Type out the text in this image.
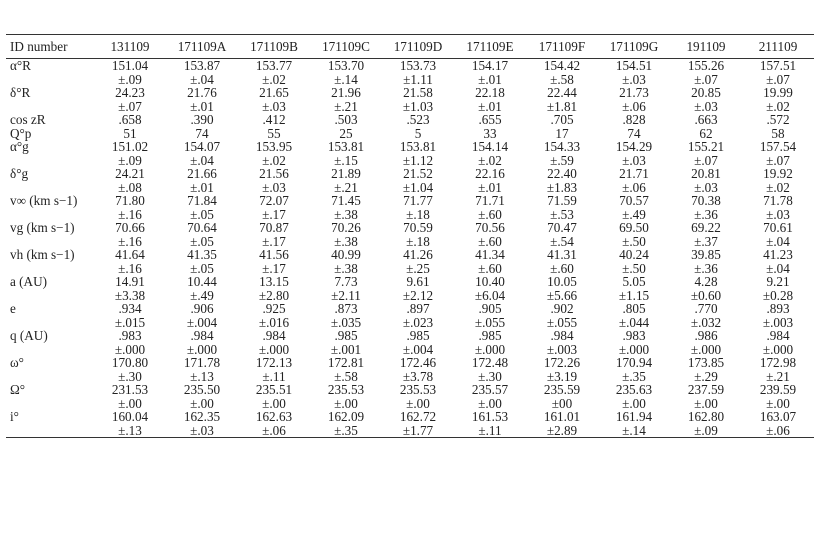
ID number	131109	171109A	171109B	171109C	171109D	171109E	171109F	171109G	191109	211109
α°R	151.04	153.87	153.77	153.70	153.73	154.17	154.42	154.51	155.26	157.51
	±.09	±.04	±.02	±.14	±1.11	±.01	±.58	±.03	±.07	±.07
δ°R	24.23	21.76	21.65	21.96	21.58	22.18	22.44	21.73	20.85	19.99
	±.07	±.01	±.03	±.21	±1.03	±.01	±1.81	±.06	±.03	±.02
cos zR	.658	.390	.412	.503	.523	.655	.705	.828	.663	.572
Q°p	51	74	55	25	5	33	17	74	62	58
α°g	151.02	154.07	153.95	153.81	153.81	154.14	154.33	154.29	155.21	157.54
	±.09	±.04	±.02	±.15	±1.12	±.02	±.59	±.03	±.07	±.07
δ°g	24.21	21.66	21.56	21.89	21.52	22.16	22.40	21.71	20.81	19.92
	±.08	±.01	±.03	±.21	±1.04	±.01	±1.83	±.06	±.03	±.02
v∞ (km s−1)	71.80	71.84	72.07	71.45	71.77	71.71	71.59	70.57	70.38	71.78
	±.16	±.05	±.17	±.38	±.18	±.60	±.53	±.49	±.36	±.03
vg (km s−1)	70.66	70.64	70.87	70.26	70.59	70.56	70.47	69.50	69.22	70.61
	±.16	±.05	±.17	±.38	±.18	±.60	±.54	±.50	±.37	±.04
vh (km s−1)	41.64	41.35	41.56	40.99	41.26	41.34	41.31	40.24	39.85	41.23
	±.16	±.05	±.17	±.38	±.25	±.60	±.60	±.50	±.36	±.04
a (AU)	14.91	10.44	13.15	7.73	9.61	10.40	10.05	5.05	4.28	9.21
	±3.38	±.49	±2.80	±2.11	±2.12	±6.04	±5.66	±1.15	±0.60	±0.28
e	.934	.906	.925	.873	.897	.905	.902	.805	.770	.893
	±.015	±.004	±.016	±.035	±.023	±.055	±.055	±.044	±.032	±.003
q (AU)	.983	.984	.984	.985	.985	.985	.984	.983	.986	.984
	±.000	±.000	±.000	±.001	±.004	±.000	±.003	±.000	±.000	±.000
ω°	170.80	171.78	172.13	172.81	172.46	172.48	172.26	170.94	173.85	172.98
	±.30	±.13	±.11	±.58	±3.78	±.30	±3.19	±.35	±.29	±.21
Ω°	231.53	235.50	235.51	235.53	235.53	235.57	235.59	235.63	237.59	239.59
	±.00	±.00	±.00	±.00	±.00	±.00	±00	±.00	±.00	±.00
i°	160.04	162.35	162.63	162.09	162.72	161.53	161.01	161.94	162.80	163.07
	±.13	±.03	±.06	±.35	±1.77	±.11	±2.89	±.14	±.09	±.06
